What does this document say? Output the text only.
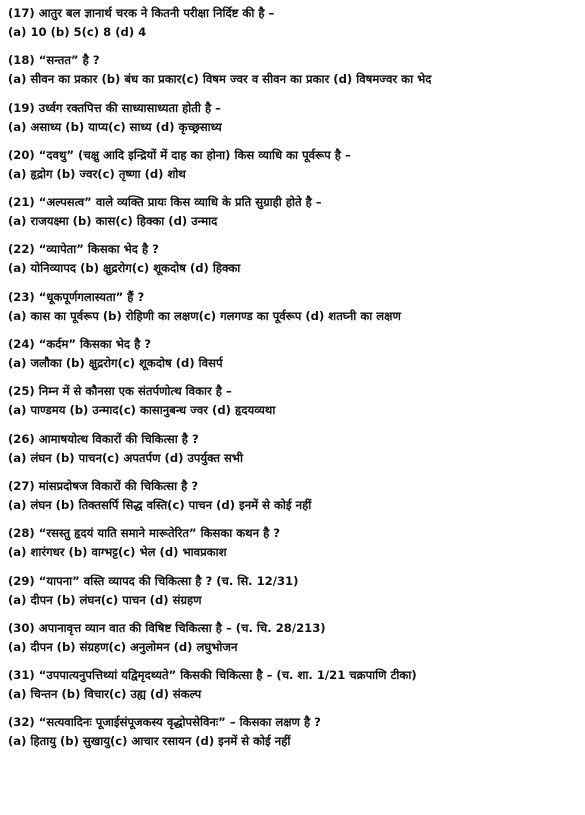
(17) आतुर बल ज्ञानार्थ चरक ने कितनी परीक्षा निर्दिष्ट की है –
(a) 10 (b) 5(c) 8 (d) 4
(18) “सन्तत” है ?
(a) सीवन का प्रकार (b) बंध का प्रकार(c) विषम ज्वर व सीवन का प्रकार (d) विषमज्वर का भेद
(19) उर्ध्वग रक्तपित्त की साध्यासाध्यता होती है –
(a) असाध्य (b) याप्य(c) साध्य (d) कृच्छ्रसाध्य
(20) “दवथु” (चक्षु आदि इन्द्रियों में दाह का होना) किस व्याधि का पूर्वरूप है –
(a) हृद्रोग (b) ज्वर(c) तृष्णा (d) शोथ
(21) “अल्पसत्व” वाले व्यक्ति प्रायः किस व्याधि के प्रति सुग्राही होते है –
(a) राजयक्ष्मा (b) कास(c) हिक्का (d) उन्माद
(22) “व्यापेता” किसका भेद है ?
(a) योनिव्यापद (b) क्षुद्ररोग(c) शूकदोष (d) हिक्का
(23) “धूकपूर्णगलास्यता” हैं ?
(a) कास का पूर्वरूप (b) रोहिणी का लक्षण(c) गलगण्ड का पूर्वरूप (d) शतघ्नी का लक्षण
(24) “कर्दम” किसका भेद है ?
(a) जलौका (b) क्षुद्ररोग(c) शूकदोष (d) विसर्प
(25) निम्न में से कौनसा एक संतर्पणोत्थ विकार है –
(a) पाण्डमय (b) उन्माद(c) कासानुबन्ध ज्वर (d) हृदयव्यथा
(26) आमाषयोत्थ विकारों की चिकित्सा है ?
(a) लंघन (b) पाचन(c) अपतर्पण (d) उपर्युक्त सभी
(27) मांसप्रदोषज विकारों की चिकित्सा है ?
(a) लंघन (b) तिक्तसर्पि सिद्ध वस्ति(c) पाचन (d) इनमें से कोई नहीं
(28) “रसस्तु हृदयं याति समाने मारूतेरित” किसका कथन है ?
(a) शारंगधर (b) वाग्भट्ट(c) भेल (d) भावप्रकाश
(29) “यापना” वस्ति व्यापद की चिकित्सा है ? (च. सि. 12/31)
(a) दीपन (b) लंघन(c) पाचन (d) संग्रहण
(30) अपानावृत्त व्यान वात की विषिष्ट चिकित्सा है – (च. चि. 28/213)
(a) दीपन (b) संग्रहण(c) अनुलोमन (d) लघुभोजन
(31) “उपपात्यनुपत्तिथ्यां यद्विमृदथ्यते” किसकी चिकित्सा है – (च. शा. 1/21 चक्रपाणि टीका)
(a) चिन्तन (b) विचार(c) उह्य (d) संकल्प
(32) “सत्यवादिनः पूजाईसंपूजकस्य वृद्धोपसेविनः” – किसका लक्षण है ?
(a) हितायु (b) सुखायु(c) आचार रसायन (d) इनमें से कोई नहीं
